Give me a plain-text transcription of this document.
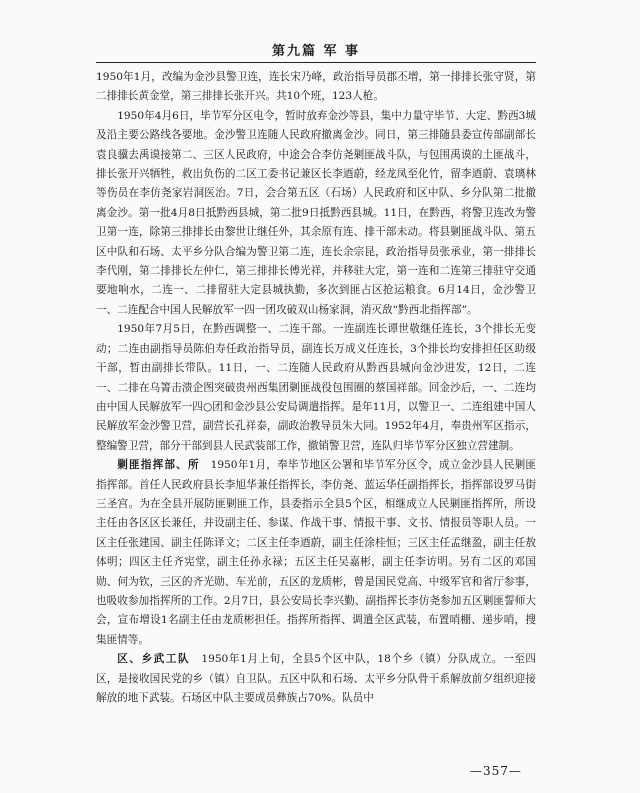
第九篇 军 事

1950年1月，改编为金沙县警卫连，连长宋乃峰，政治指导员郡丕增，第一排排长张守贤，第二排排长黄金堂，第三排排长张开兴。共10个班，123人枪。

1950年4月6日，毕节军分区电令，暂时放弃金沙等县，集中力量守毕节、大定、黔西3城及沿主要公路线各要地。金沙警卫连随人民政府撤离金沙。同日，第三排随县委宣传部副部长袁良骥去禹谟接第二、三区人民政府，中途会合李仿尧剿匪战斗队，与包围禹谟的土匪战斗，排长张开兴牺牲，救出负伤的二区工委书记兼区长李迺蔚，经龙凤至化竹，留李迺蔚、袁璃林等伤员在李仿尧家岩洞医治。7日，会合第五区（石场）人民政府和区中队、乡分队第二批撤离金沙。第一批4月8日抵黔西县城，第二批9日抵黔西县城。11日，在黔西，将警卫连改为警卫第一连，除第三排排长由黎世让继任外，其余原有连、排干部未动。将县剿匪战斗队、第五区中队和石场、太平乡分队合编为警卫第二连，连长余宗昆，政治指导员张承业，第一排排长李代刚，第二排排长左仲仁，第三排排长傅光祥，并移驻大定，第一连和二连第三排驻守交通要地响水，二连一、二排留驻大定县城执勤，多次到匪占区抢运粮食。6月14日，金沙警卫一、二连配合中国人民解放军一四一团攻破双山杨家洞，消灭敌“黔西北指挥部”。

1950年7月5日，在黔西调整一、二连干部。一连副连长谭世敬继任连长，3个排长无变动；二连由副指导员陈伯寿任政治指导员，副连长万成义任连长，3个排长均安排担任区助级干部，暂由副排长带队。11日，一、二连随人民政府从黔西县城向金沙进发，12日，二连一、二排在乌箐击溃企图突破贵州西集团剿匪战役包围圈的蔡国祥部。回金沙后，一、二连均由中国人民解放军一四○团和金沙县公安局调遣指挥。是年11月，以警卫一、二连组建中国人民解放军金沙警卫营，副营长孔祥泰，副政治教导员朱大同。1952年4月，奉贵州军区指示，整编警卫营，部分干部到县人民武装部工作，撤销警卫营，连队归毕节军分区独立营建制。

剿匪指挥部、所　1950年1月，奉毕节地区公署和毕节军分区令，成立金沙县人民剿匪指挥部。首任人民政府县长李旭华兼任指挥长，李仿尧、蓝运华任副指挥长，指挥部设罗马街三圣宫。为在全县开展防匪剿匪工作，县委指示全县5个区，相继成立人民剿匪指挥所，所设主任由各区区长兼任，并设副主任、参谋、作战干事、情报干事、文书、情报员等职人员。一区主任张建国、副主任陈译文；二区主任李迺蔚，副主任涂桂恒；三区主任孟继盈，副主任敖体明；四区主任齐宪堂，副主任孙永禄；五区主任吴嘉彬，副主任李访明。另有二区的邓国勋、何为钦，三区的齐光勋、车光前，五区的龙质彬，曾是国民党高、中级军官和省厅参事，也吸收参加指挥所的工作。2月7日，县公安局长李兴勤、副指挥长李仿尧参加五区剿匪誓师大会，宣布增设1名副主任由龙质彬担任。指挥所指挥、调遣全区武装，布置哨棚、递步哨，搜集匪情等。

区、乡武工队　1950年1月上旬，全县5个区中队，18个乡（镇）分队成立。一至四区，是接收国民党的乡（镇）自卫队。五区中队和石场、太平乡分队骨干系解放前夕组织迎接解放的地下武装。石场区中队主要成员彝族占70%。队员中

—357—
